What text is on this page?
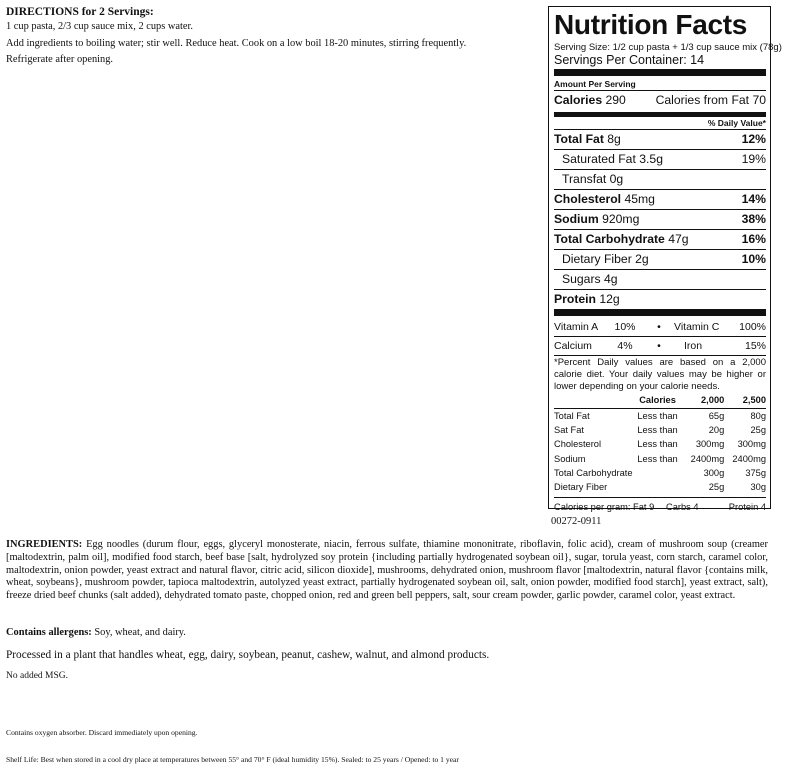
DIRECTIONS for 2 Servings:
1 cup pasta, 2/3 cup sauce mix, 2 cups water.
Add ingredients to boiling water; stir well. Reduce heat. Cook on a low boil 18-20 minutes, stirring frequently.
Refrigerate after opening.
Nutrition Facts
Serving Size: 1/2 cup pasta + 1/3 cup sauce mix (78g)
Servings Per Container: 14
Amount Per Serving
Calories 290 Calories from Fat 70
% Daily Value*
Total Fat 8g	12%
Saturated Fat 3.5g	19%
Transfat 0g
Cholesterol 45mg	14%
Sodium 920mg	38%
Total Carbohydrate 47g	16%
Dietary Fiber 2g	10%
Sugars 4g
Protein 12g
Vitamin A	10%	•	Vitamin C	100%
Calcium	4%	•	Iron	15%
*Percent Daily values are based on a 2,000 calorie diet. Your daily values may be higher or lower depending on your calorie needs.
	Calories	2,000	2,500
Total Fat	Less than	65g	80g
Sat Fat	Less than	20g	25g
Cholesterol	Less than	300mg	300mg
Sodium	Less than	2400mg	2400mg
Total Carbohydrate		300g	375g
Dietary Fiber		25g	30g
Calories per gram: Fat 9	Carbs 4	Protein 4
00272-0911
INGREDIENTS: Egg noodles (durum flour, eggs, glyceryl monosterate, niacin, ferrous sulfate, thiamine mononitrate, riboflavin, folic acid), cream of mushroom soup (creamer [maltodextrin, palm oil], modified food starch, beef base [salt, hydrolyzed soy protein {including partially hydrogenated soybean oil}, sugar, torula yeast, corn starch, caramel color, maltodextrin, onion powder, yeast extract and natural flavor, citric acid, silicon dioxide], mushrooms, dehydrated onion, mushroom flavor [maltodextrin, natural flavor {contains milk, wheat, soybeans}, mushroom powder, tapioca maltodextrin, autolyzed yeast extract, partially hydrogenated soybean oil, salt, onion powder, modified food starch], yeast extract, salt), freeze dried beef chunks (salt added), dehydrated tomato paste, chopped onion, red and green bell peppers, salt, sour cream powder, garlic powder, caramel color, yeast extract.
Contains allergens: Soy, wheat, and dairy.
Processed in a plant that handles wheat, egg, dairy, soybean, peanut, cashew, walnut, and almond products.
No added MSG.
Contains oxygen absorber. Discard immediately upon opening.
Shelf Life: Best when stored in a cool dry place at temperatures between 55° and 70° F (ideal humidity 15%). Sealed: to 25 years / Opened: to 1 year
